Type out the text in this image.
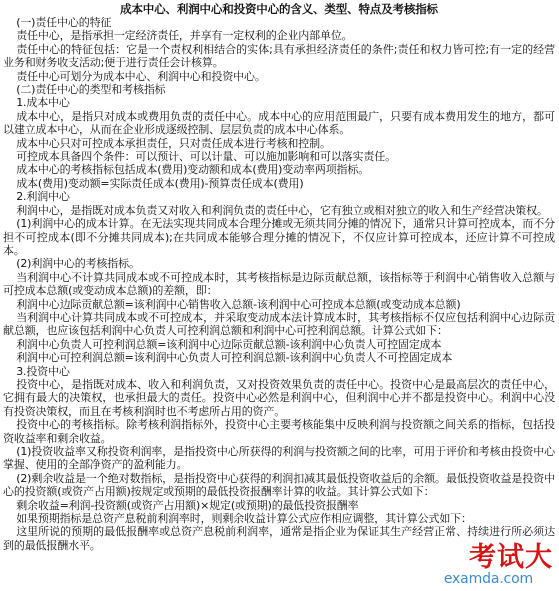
成本中心、利润中心和投资中心的含义、类型、特点及考核指标

(一)责任中心的特征

责任中心，是指承担一定经济责任，并享有一定权利的企业内部单位。

责任中心的特征包括：它是一个责权利相结合的实体;具有承担经济责任的条件;责任和权力皆可控;有一定的经营业务和财务收支活动;便于进行责任会计核算。

责任中心可划分为成本中心、利润中心和投资中心。

(二)责任中心的类型和考核指标

1.成本中心

成本中心，是指只对成本或费用负责的责任中心。成本中心的应用范围最广，只要有成本费用发生的地方，都可以建立成本中心，从而在企业形成逐级控制、层层负责的成本中心体系。

成本中心只对可控成本承担责任，只对责任成本进行考核和控制。

可控成本具备四个条件：可以预计、可以计量、可以施加影响和可以落实责任。

成本中心的考核指标包括成本(费用)变动额和成本(费用)变动率两项指标。

成本(费用)变动额=实际责任成本(费用)-预算责任成本(费用)

2.利润中心

利润中心，是指既对成本负责又对收入和利润负责的责任中心，它有独立或相对独立的收入和生产经营决策权。

(1)利润中心的成本计算。在无法实现共同成本合理分摊或无须共同分摊的情况下，通常只计算可控成本，而不分担不可控成本(即不分摊共同成本);在共同成本能够合理分摊的情况下，不仅应计算可控成本，还应计算不可控成本。

(2)利润中心的考核指标。

当利润中心不计算共同成本或不可控成本时，其考核指标是边际贡献总额，该指标等于利润中心销售收入总额与可控成本总额(或变动成本总额)的差额，即：

利润中心边际贡献总额=该利润中心销售收入总额-该利润中心可控成本总额(或变动成本总额)

当利润中心计算共同成本或不可控成本，并采取变动成本法计算成本时，其考核指标不仅应包括利润中心边际贡献总额，也应该包括利润中心负责人可控利润总额和利润中心可控利润总额。计算公式如下：

利润中心负责人可控利润总额=该利润中心边际贡献总额-该利润中心负责人可控固定成本

利润中心可控利润总额=该利润中心负责人可控利润总额-该利润中心负责人不可控固定成本

3.投资中心

投资中心，是指既对成本、收入和利润负责，又对投资效果负责的责任中心。投资中心是最高层次的责任中心，它拥有最大的决策权，也承担最大的责任。投资中心必然是利润中心，但利润中心并不都是投资中心。利润中心没有投资决策权，而且在考核利润时也不考虑所占用的资产。

投资中心的考核指标。除考核利润指标外，投资中心主要考核能集中反映利润与投资额之间关系的指标，包括投资收益率和剩余收益。

(1)投资收益率又称投资利润率，是指投资中心所获得的利润与投资额之间的比率，可用于评价和考核由投资中心掌握、使用的全部净资产的盈利能力。

(2)剩余收益是一个绝对数指标，是指投资中心获得的利润扣减其最低投资收益后的余额。最低投资收益是投资中心的投资额(或资产占用额)按规定或预期的最低投资报酬率计算的收益。其计算公式如下：

剩余收益=利润-投资额(或资产占用额)×规定(或预期)的最低投资报酬率

如果预期指标是总资产息税前利润率时，则剩余收益计算公式应作相应调整，其计算公式如下：

这里所说的预期的最低报酬率或总资产息税前利润率，通常是指企业为保证其生产经营正常、持续进行所必须达到的最低报酬水平。	考试大
examda.com
